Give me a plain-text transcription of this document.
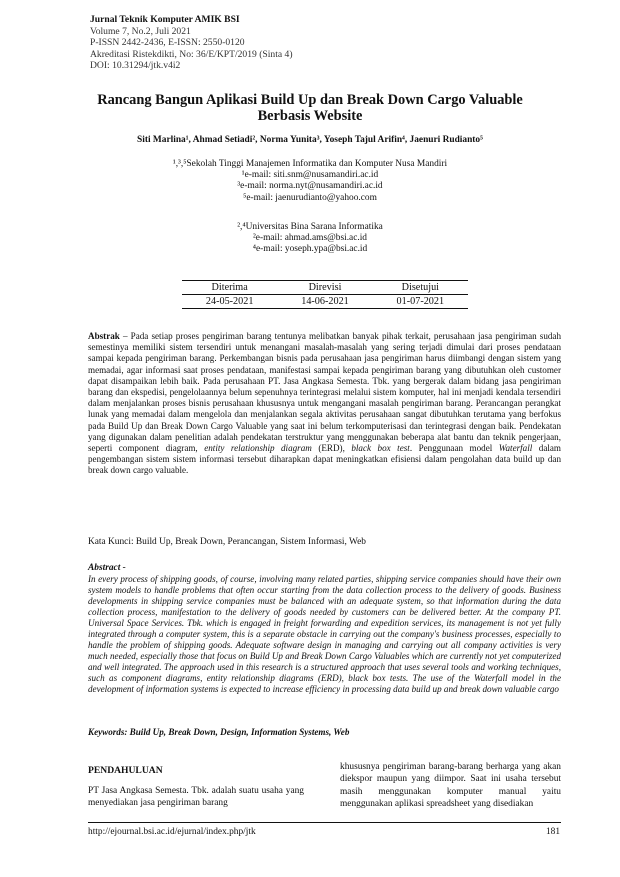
Jurnal Teknik Komputer AMIK BSI
Volume 7, No.2, Juli 2021
P-ISSN 2442-2436, E-ISSN: 2550-0120
Akreditasi Ristekdikti, No: 36/E/KPT/2019 (Sinta 4)
DOI: 10.31294/jtk.v4i2
Rancang Bangun Aplikasi Build Up dan Break Down Cargo Valuable
Berbasis Website
Siti Marlina¹, Ahmad Setiadi², Norma Yunita³, Yoseph Tajul Arifin⁴, Jaenuri Rudianto⁵
¹,³,⁵Sekolah Tinggi Manajemen Informatika dan Komputer Nusa Mandiri
¹e-mail: siti.snm@nusamandiri.ac.id
³e-mail: norma.nyt@nusamandiri.ac.id
⁵e-mail: jaenurudianto@yahoo.com
²,⁴Universitas Bina Sarana Informatika
²e-mail: ahmad.ams@bsi.ac.id
⁴e-mail: yoseph.ypa@bsi.ac.id
Diterima	Direvisi	Disetujui
24-05-2021	14-06-2021	01-07-2021
Abstrak – Pada setiap proses pengiriman barang tentunya melibatkan banyak pihak terkait, perusahaan jasa pengiriman sudah semestinya memiliki sistem tersendiri untuk menangani masalah-masalah yang sering terjadi dimulai dari proses pendataan sampai kepada pengiriman barang. Perkembangan bisnis pada perusahaan jasa pengiriman harus diimbangi dengan sistem yang memadai, agar informasi saat proses pendataan, manifestasi sampai kepada pengiriman barang yang dibutuhkan oleh customer dapat disampaikan lebih baik. Pada perusahaan PT. Jasa Angkasa Semesta. Tbk. yang bergerak dalam bidang jasa pengiriman barang dan ekspedisi, pengelolaannya belum sepenuhnya terintegrasi melalui sistem komputer, hal ini menjadi kendala tersendiri dalam menjalankan proses bisnis perusahaan khususnya untuk mengangani masalah pengiriman barang. Perancangan perangkat lunak yang memadai dalam mengelola dan menjalankan segala aktivitas perusahaan sangat dibutuhkan terutama yang berfokus pada Build Up dan Break Down Cargo Valuable yang saat ini belum terkomputerisasi dan terintegrasi dengan baik. Pendekatan yang digunakan dalam penelitian adalah pendekatan terstruktur yang menggunakan beberapa alat bantu dan teknik pengerjaan, seperti component diagram, entity relationship diagram (ERD), black box test. Penggunaan model Waterfall dalam pengembangan sistem sistem informasi tersebut diharapkan dapat meningkatkan efisiensi dalam pengolahan data build up dan break down cargo valuable.
Kata Kunci: Build Up, Break Down, Perancangan, Sistem Informasi, Web
Abstract -
In every process of shipping goods, of course, involving many related parties, shipping service companies should have their own system models to handle problems that often occur starting from the data collection process to the delivery of goods. Business developments in shipping service companies must be balanced with an adequate system, so that information during the data collection process, manifestation to the delivery of goods needed by customers can be delivered better. At the company PT. Universal Space Services. Tbk. which is engaged in freight forwarding and expedition services, its management is not yet fully integrated through a computer system, this is a separate obstacle in carrying out the company's business processes, especially to handle the problem of shipping goods. Adequate software design in managing and carrying out all company activities is very much needed, especially those that focus on Build Up and Break Down Cargo Valuables which are currently not yet computerized and well integrated. The approach used in this research is a structured approach that uses several tools and working techniques, such as component diagrams, entity relationship diagrams (ERD), black box tests. The use of the Waterfall model in the development of information systems is expected to increase efficiency in processing data build up and break down valuable cargo
Keywords: Build Up, Break Down, Design, Information Systems, Web
PENDAHULUAN
PT Jasa Angkasa Semesta. Tbk. adalah suatu usaha yang menyediakan jasa pengiriman barang
khususnya pengiriman barang-barang berharga yang akan diekspor maupun yang diimpor. Saat ini usaha tersebut masih menggunakan komputer manual yaitu menggunakan aplikasi spreadsheet yang disediakan
http://ejournal.bsi.ac.id/ejurnal/index.php/jtk	181
